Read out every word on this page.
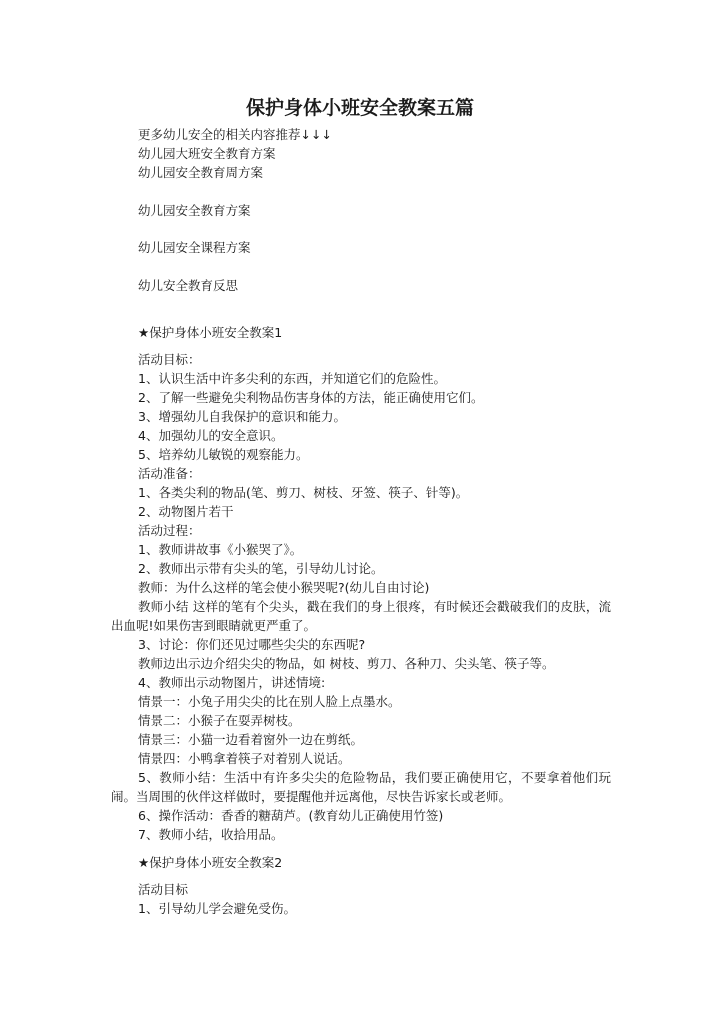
保护身体小班安全教案五篇

更多幼儿安全的相关内容推荐↓↓↓

幼儿园大班安全教育方案

幼儿园安全教育周方案

幼儿园安全教育方案

幼儿园安全课程方案

幼儿安全教育反思

★保护身体小班安全教案1

活动目标：

1、认识生活中许多尖利的东西，并知道它们的危险性。

2、了解一些避免尖利物品伤害身体的方法，能正确使用它们。

3、增强幼儿自我保护的意识和能力。

4、加强幼儿的安全意识。

5、培养幼儿敏锐的观察能力。

活动准备：

1、各类尖利的物品(笔、剪刀、树枝、牙签、筷子、针等)。

2、动物图片若干

活动过程：

1、教师讲故事《小猴哭了》。

2、教师出示带有尖头的笔，引导幼儿讨论。

教师：为什么这样的笔会使小猴哭呢?(幼儿自由讨论)

教师小结 这样的笔有个尖头，戳在我们的身上很疼，有时候还会戳破我们的皮肤，流出血呢!如果伤害到眼睛就更严重了。

3、讨论：你们还见过哪些尖尖的东西呢?

教师边出示边介绍尖尖的物品，如 树枝、剪刀、各种刀、尖头笔、筷子等。

4、教师出示动物图片，讲述情境:

情景一：小兔子用尖尖的比在别人脸上点墨水。

情景二：小猴子在耍弄树枝。

情景三：小猫一边看着窗外一边在剪纸。

情景四：小鸭拿着筷子对着别人说话。

5、教师小结：生活中有许多尖尖的危险物品，我们要正确使用它，不要拿着他们玩闹。当周围的伙伴这样做时，要提醒他并远离他，尽快告诉家长或老师。

6、操作活动：香香的糖葫芦。(教育幼儿正确使用竹签)

7、教师小结，收拾用品。

★保护身体小班安全教案2

活动目标

1、引导幼儿学会避免受伤。
